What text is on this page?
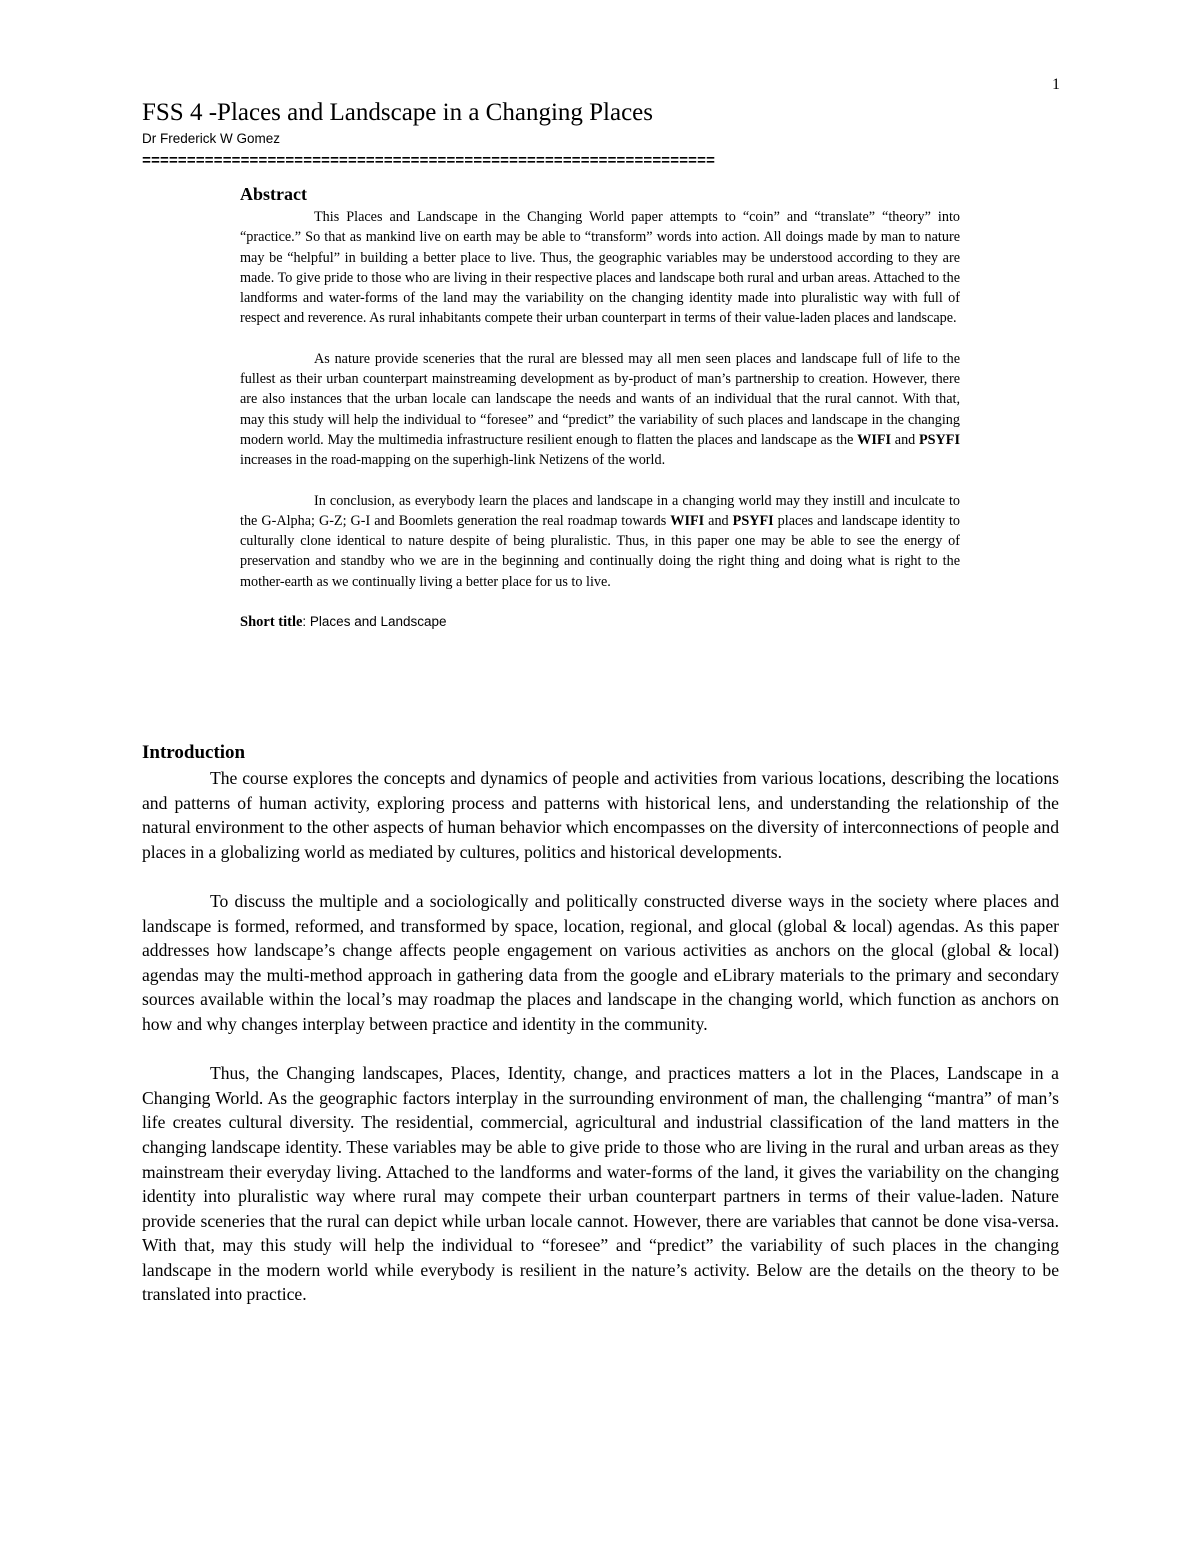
1
FSS 4 -Places and Landscape in a Changing Places
Dr Frederick W Gomez
================================================================
Abstract

This Places and Landscape in the Changing World paper attempts to “coin” and “translate” “theory” into “practice.” So that as mankind live on earth may be able to “transform” words into action. All doings made by man to nature may be “helpful” in building a better place to live. Thus, the geographic variables may be understood according to they are made. To give pride to those who are living in their respective places and landscape both rural and urban areas. Attached to the landforms and water-forms of the land may the variability on the changing identity made into pluralistic way with full of respect and reverence. As rural inhabitants compete their urban counterpart in terms of their value-laden places and landscape.

As nature provide sceneries that the rural are blessed may all men seen places and landscape full of life to the fullest as their urban counterpart mainstreaming development as by-product of man’s partnership to creation. However, there are also instances that the urban locale can landscape the needs and wants of an individual that the rural cannot. With that, may this study will help the individual to “foresee” and “predict” the variability of such places and landscape in the changing modern world. May the multimedia infrastructure resilient enough to flatten the places and landscape as the WIFI and PSYFI increases in the road-mapping on the superhigh-link Netizens of the world.

In conclusion, as everybody learn the places and landscape in a changing world may they instill and inculcate to the G-Alpha; G-Z; G-I and Boomlets generation the real roadmap towards WIFI and PSYFI places and landscape identity to culturally clone identical to nature despite of being pluralistic. Thus, in this paper one may be able to see the energy of preservation and standby who we are in the beginning and continually doing the right thing and doing what is right to the mother-earth as we continually living a better place for us to live.

Short title: Places and Landscape

Introduction

The course explores the concepts and dynamics of people and activities from various locations, describing the locations and patterns of human activity, exploring process and patterns with historical lens, and understanding the relationship of the natural environment to the other aspects of human behavior which encompasses on the diversity of interconnections of people and places in a globalizing world as mediated by cultures, politics and historical developments.

To discuss the multiple and a sociologically and politically constructed diverse ways in the society where places and landscape is formed, reformed, and transformed by space, location, regional, and glocal (global & local) agendas. As this paper addresses how landscape’s change affects people engagement on various activities as anchors on the glocal (global & local) agendas may the multi-method approach in gathering data from the google and eLibrary materials to the primary and secondary sources available within the local’s may roadmap the places and landscape in the changing world, which function as anchors on how and why changes interplay between practice and identity in the community.

Thus, the Changing landscapes, Places, Identity, change, and practices matters a lot in the Places, Landscape in a Changing World. As the geographic factors interplay in the surrounding environment of man, the challenging “mantra” of man’s life creates cultural diversity. The residential, commercial, agricultural and industrial classification of the land matters in the changing landscape identity. These variables may be able to give pride to those who are living in the rural and urban areas as they mainstream their everyday living. Attached to the landforms and water-forms of the land, it gives the variability on the changing identity into pluralistic way where rural may compete their urban counterpart partners in terms of their value-laden. Nature provide sceneries that the rural can depict while urban locale cannot. However, there are variables that cannot be done visa-versa. With that, may this study will help the individual to “foresee” and “predict” the variability of such places in the changing landscape in the modern world while everybody is resilient in the nature’s activity. Below are the details on the theory to be translated into practice.
